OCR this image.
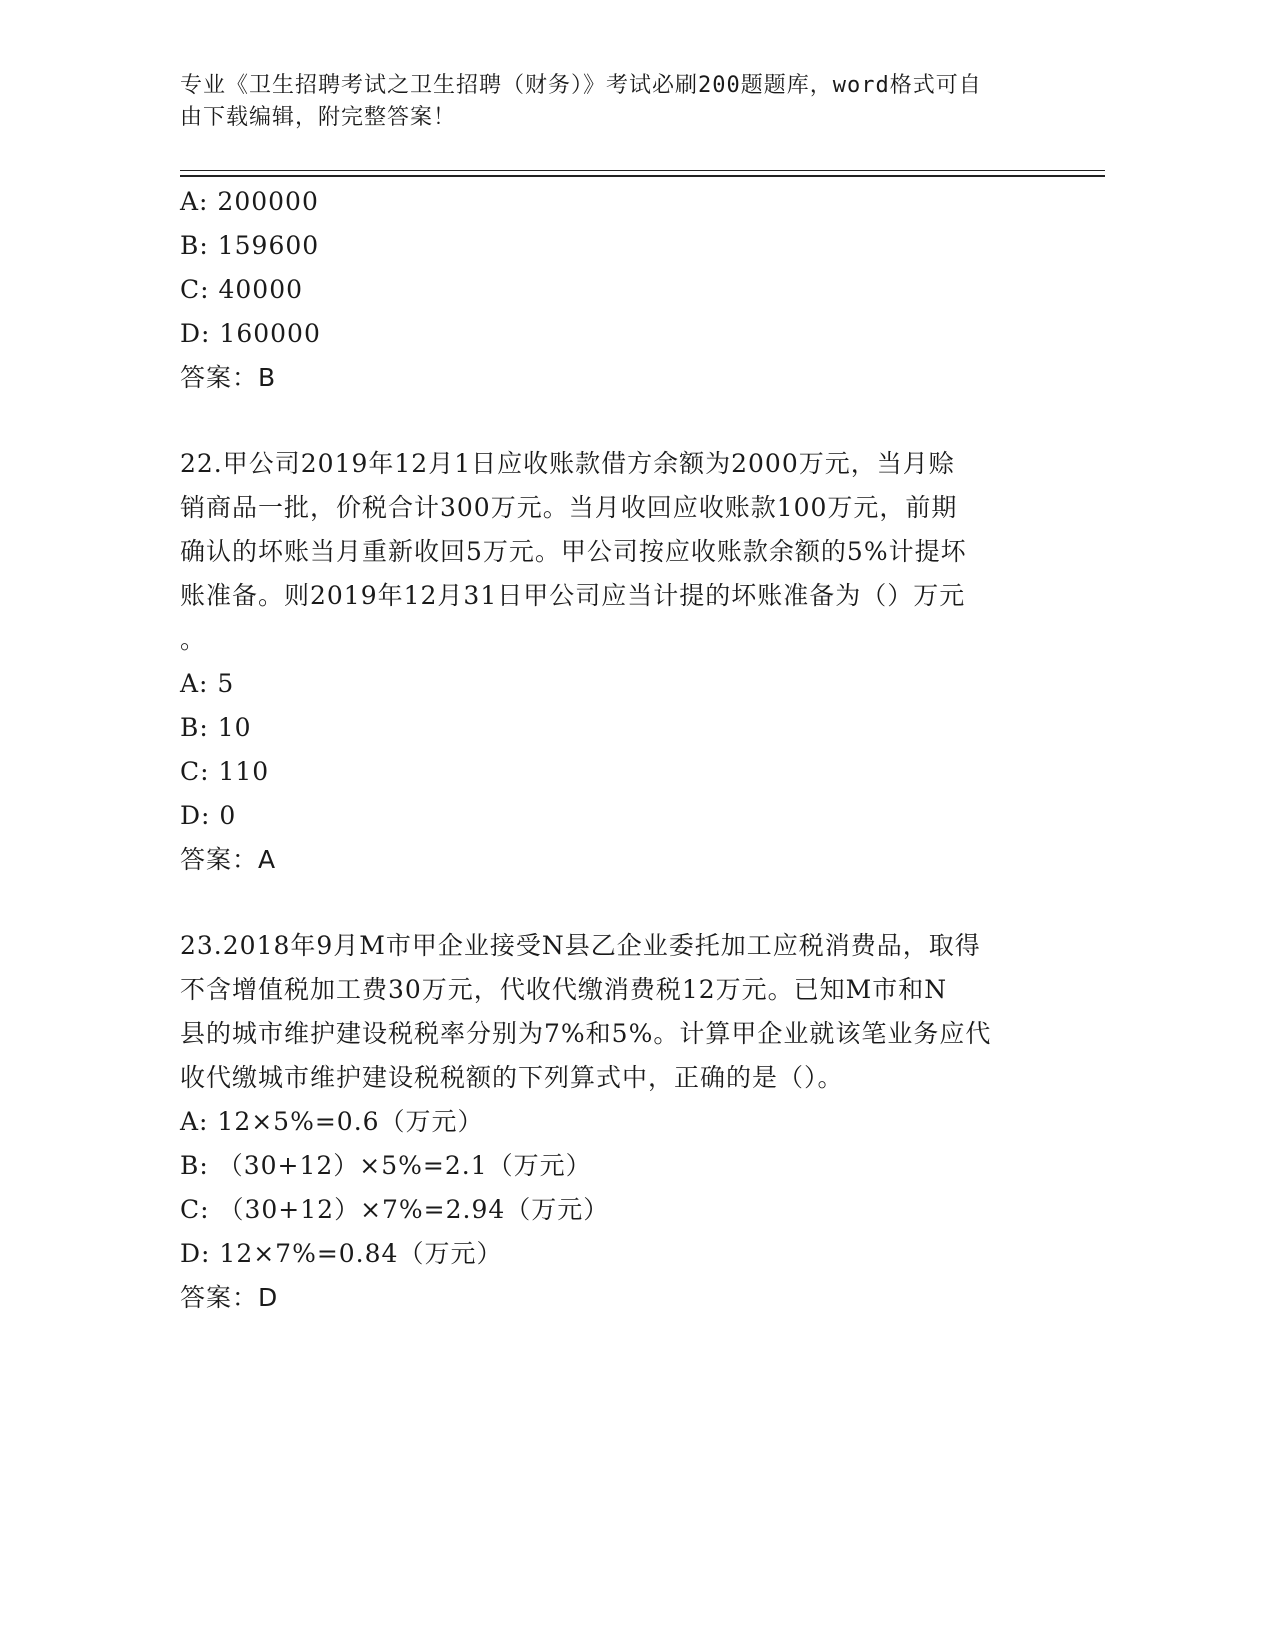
专业《卫生招聘考试之卫生招聘（财务）》考试必刷200题题库，word格式可自
由下载编辑，附完整答案！
A: 200000
B: 159600
C: 40000
D: 160000
答案：B
22.甲公司2019年12月1日应收账款借方余额为2000万元，当月赊
销商品一批，价税合计300万元。当月收回应收账款100万元，前期
确认的坏账当月重新收回5万元。甲公司按应收账款余额的5%计提坏
账准备。则2019年12月31日甲公司应当计提的坏账准备为（）万元
。
A: 5
B: 10
C: 110
D: 0
答案：A
23.2018年9月M市甲企业接受N县乙企业委托加工应税消费品，取得
不含增值税加工费30万元，代收代缴消费税12万元。已知M市和N
县的城市维护建设税税率分别为7%和5%。计算甲企业就该笔业务应代
收代缴城市维护建设税税额的下列算式中，正确的是（）。
A: 12×5%=0.6（万元）
B: （30+12）×5%=2.1（万元）
C: （30+12）×7%=2.94（万元）
D: 12×7%=0.84（万元）
答案：D
